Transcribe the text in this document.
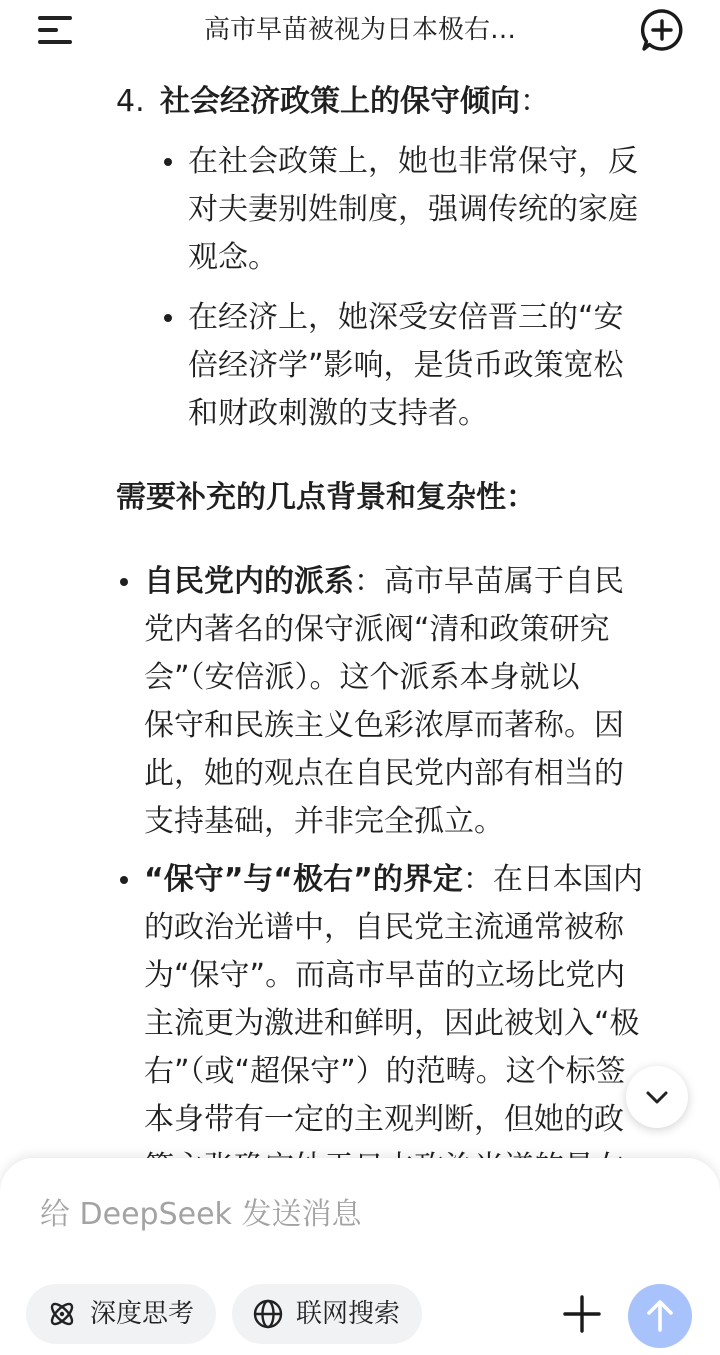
高市早苗被视为日本极右…
4. 社会经济政策上的保守倾向：
在社会政策上，她也非常保守，反
对夫妻别姓制度，强调传统的家庭
观念。
在经济上，她深受安倍晋三的“安
倍经济学”影响，是货币政策宽松
和财政刺激的支持者。
需要补充的几点背景和复杂性：
自民党内的派系：高市早苗属于自民
党内著名的保守派阀“清和政策研究
会”（安倍派）。这个派系本身就以
保守和民族主义色彩浓厚而著称。因
此，她的观点在自民党内部有相当的
支持基础，并非完全孤立。
“保守”与“极右”的界定：在日本国内
的政治光谱中，自民党主流通常被称
为“保守”。而高市早苗的立场比党内
主流更为激进和鲜明，因此被划入“极
右”（或“超保守”）的范畴。这个标签
本身带有一定的主观判断，但她的政
给 DeepSeek 发送消息
深度思考	联网搜索
